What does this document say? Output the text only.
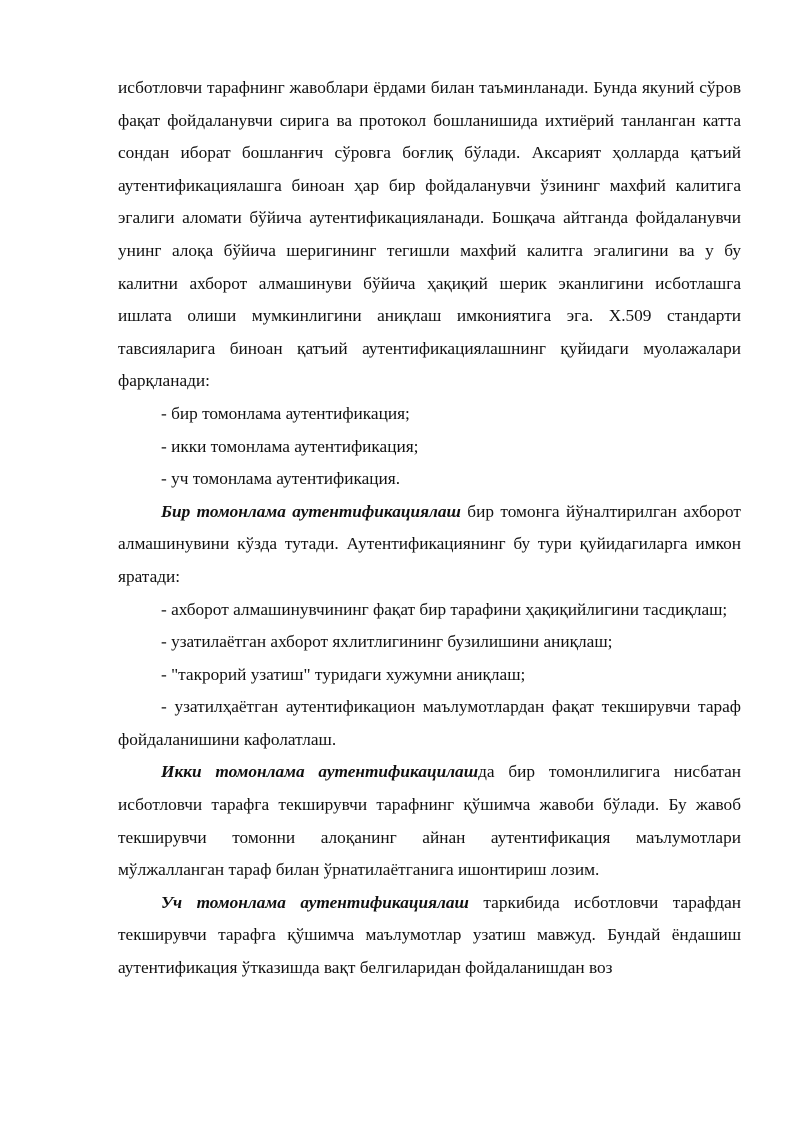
исботловчи тарафнинг жавоблари ёрдами билан таъминланади. Бунда якуний сўров фақат фойдаланувчи сирига ва протокол бошланишида ихтиёрий танланган катта сондан иборат бошланғич сўровга боғлиқ бўлади. Аксарият ҳолларда қатъий аутентификациялашга биноан ҳар бир фойдаланувчи ўзининг махфий калитига эгалиги аломати бўйича аутентификацияланади. Бошқача айтганда фойдаланувчи унинг алоқа бўйича шеригининг тегишли махфий калитга эгалигини ва у бу калитни ахборот алмашинуви бўйича ҳақиқий шерик эканлигини исботлашга ишлата олиши мумкинлигини аниқлаш имкониятига эга. X.509 стандарти тавсияларига биноан қатъий аутентификациялашнинг қуйидаги муолажалари фарқланади:

- бир томонлама аутентификация;

- икки томонлама аутентификация;

- уч томонлама аутентификация.

Бир томонлама аутентификациялаш бир томонга йўналтирилган ахборот алмашинувини кўзда тутади. Аутентификациянинг бу тури қуйидагиларга имкон яратади:

- ахборот алмашинувчининг фақат бир тарафини ҳақиқийлигини тасдиқлаш;

- узатилаётган ахборот яхлитлигининг бузилишини аниқлаш;

- "такрорий узатиш" туридаги хужумни аниқлаш;

- узатилҳаётган аутентификацион маълумотлардан фақат текширувчи тараф фойдаланишини кафолатлаш.

Икки томонлама аутентификацилашда бир томонлилигига нисбатан исботловчи тарафга текширувчи тарафнинг қўшимча жавоби бўлади. Бу жавоб текширувчи томонни алоқанинг айнан аутентификация маълумотлари мўлжалланган тараф билан ўрнатилаётганига ишонтириш лозим.

Уч томонлама аутентификациялаш таркибида исботловчи тарафдан текширувчи тарафга қўшимча маълумотлар узатиш мавжуд. Бундай ёндашиш аутентификация ўтказишда вақт белгиларидан фойдаланишдан воз
